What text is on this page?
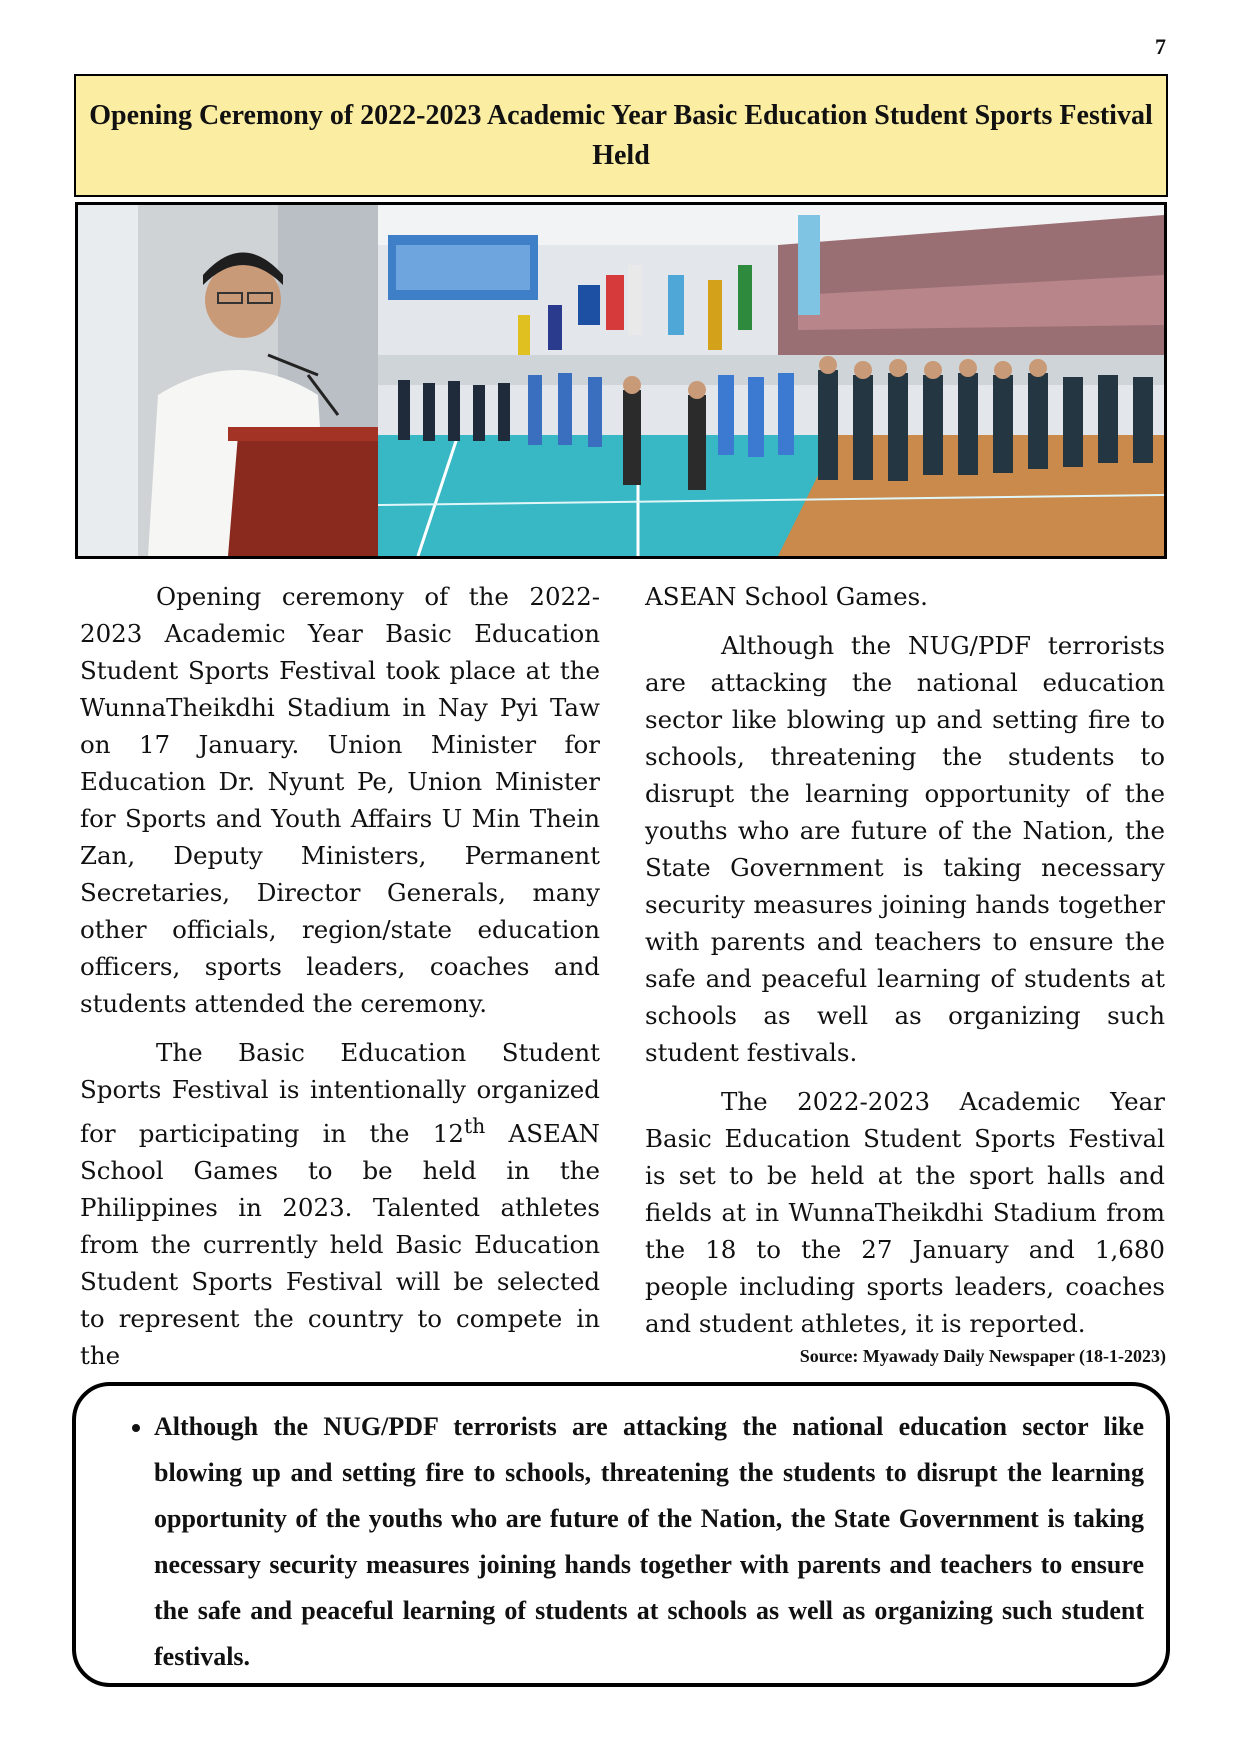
7
Opening Ceremony of 2022-2023 Academic Year Basic Education Student Sports Festival Held

Opening ceremony of the 2022-2023 Academic Year Basic Education Student Sports Festival took place at the WunnaTheikdhi Stadium in Nay Pyi Taw on 17 January. Union Minister for Education Dr. Nyunt Pe, Union Minister for Sports and Youth Affairs U Min Thein Zan, Deputy Ministers, Permanent Secretaries, Director Generals, many other officials, region/state education officers, sports leaders, coaches and students attended the ceremony.

The Basic Education Student Sports Festival is intentionally organized for participating in the 12th ASEAN School Games to be held in the Philippines in 2023. Talented athletes from the currently held Basic Education Student Sports Festival will be selected to represent the country to compete in the

ASEAN School Games.

Although the NUG/PDF terrorists are attacking the national education sector like blowing up and setting fire to schools, threatening the students to disrupt the learning opportunity of the youths who are future of the Nation, the State Government is taking necessary security measures joining hands together with parents and teachers to ensure the safe and peaceful learning of students at schools as well as organizing such student festivals.

The 2022-2023 Academic Year Basic Education Student Sports Festival is set to be held at the sport halls and fields at in WunnaTheikdhi Stadium from the 18 to the 27 January and 1,680 people including sports leaders, coaches and student athletes, it is reported.

Source: Myawady Daily Newspaper (18-1-2023)
• Although the NUG/PDF terrorists are attacking the national education sector like blowing up and setting fire to schools, threatening the students to disrupt the learning opportunity of the youths who are future of the Nation, the State Government is taking necessary security measures joining hands together with parents and teachers to ensure the safe and peaceful learning of students at schools as well as organizing such student festivals.
